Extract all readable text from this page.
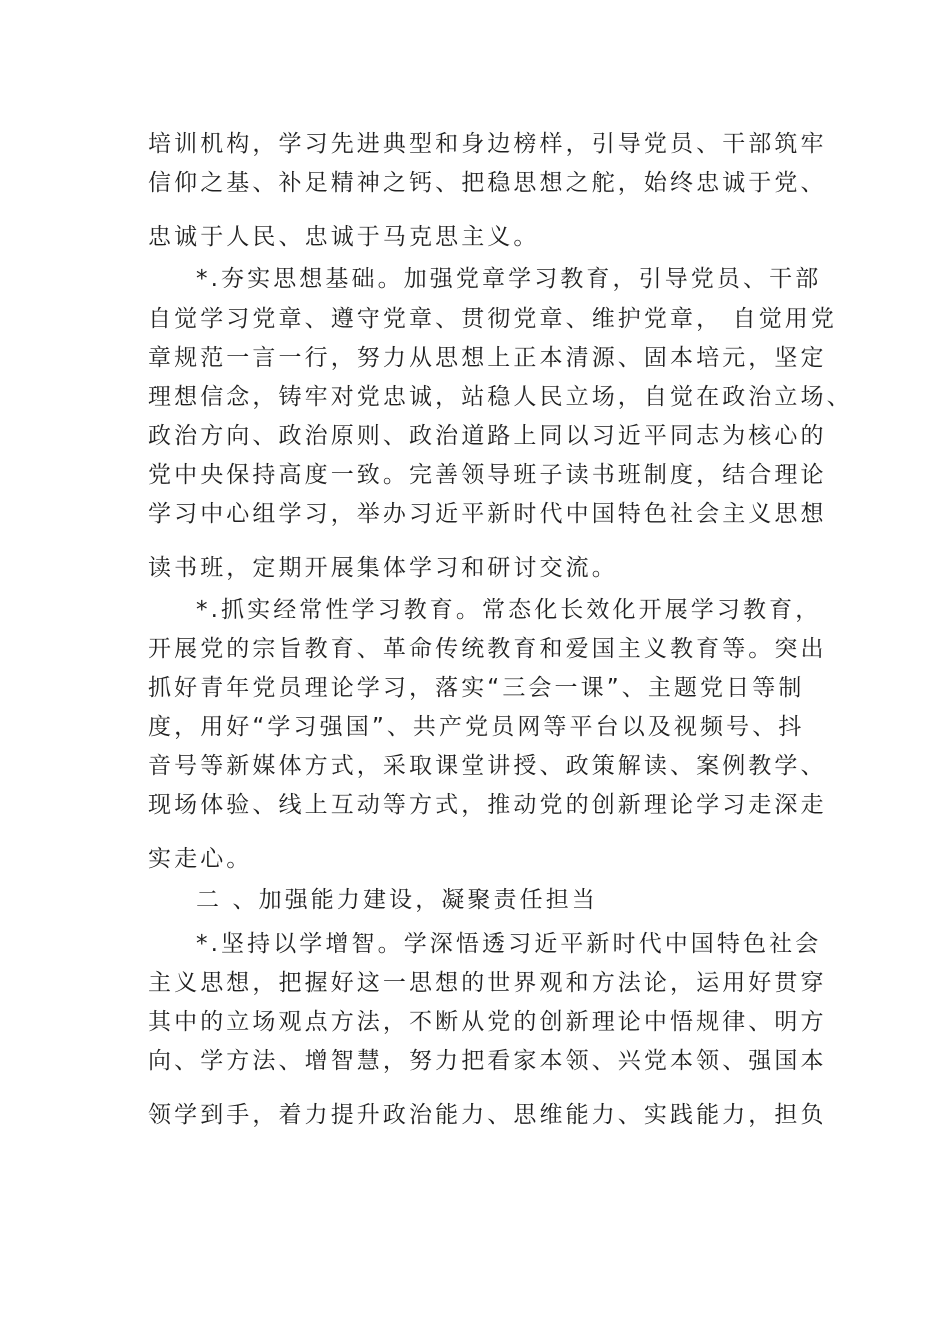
培训机构，学习先进典型和身边榜样，引导党员、干部筑牢
信仰之基、补足精神之钙、把稳思想之舵，始终忠诚于党、
忠诚于人民、忠诚于马克思主义。
*.夯实思想基础。加强党章学习教育，引导党员、干部
自觉学习党章、遵守党章、贯彻党章、维护党章， 自觉用党
章规范一言一行，努力从思想上正本清源、固本培元，坚定
理想信念，铸牢对党忠诚，站稳人民立场，自觉在政治立场、
政治方向、政治原则、政治道路上同以习近平同志为核心的
党中央保持高度一致。完善领导班子读书班制度，结合理论
学习中心组学习，举办习近平新时代中国特色社会主义思想
读书班，定期开展集体学习和研讨交流。
*.抓实经常性学习教育。常态化长效化开展学习教育，
开展党的宗旨教育、革命传统教育和爱国主义教育等。突出
抓好青年党员理论学习，落实“三会一课”、主题党日等制
度，用好“学习强国”、共产党员网等平台以及视频号、抖
音号等新媒体方式，采取课堂讲授、政策解读、案例教学、
现场体验、线上互动等方式，推动党的创新理论学习走深走
实走心。
二 、加强能力建设，凝聚责任担当
*.坚持以学增智。学深悟透习近平新时代中国特色社会
主义思想，把握好这一思想的世界观和方法论，运用好贯穿
其中的立场观点方法，不断从党的创新理论中悟规律、明方
向、学方法、增智慧，努力把看家本领、兴党本领、强国本
领学到手，着力提升政治能力、思维能力、实践能力，担负
